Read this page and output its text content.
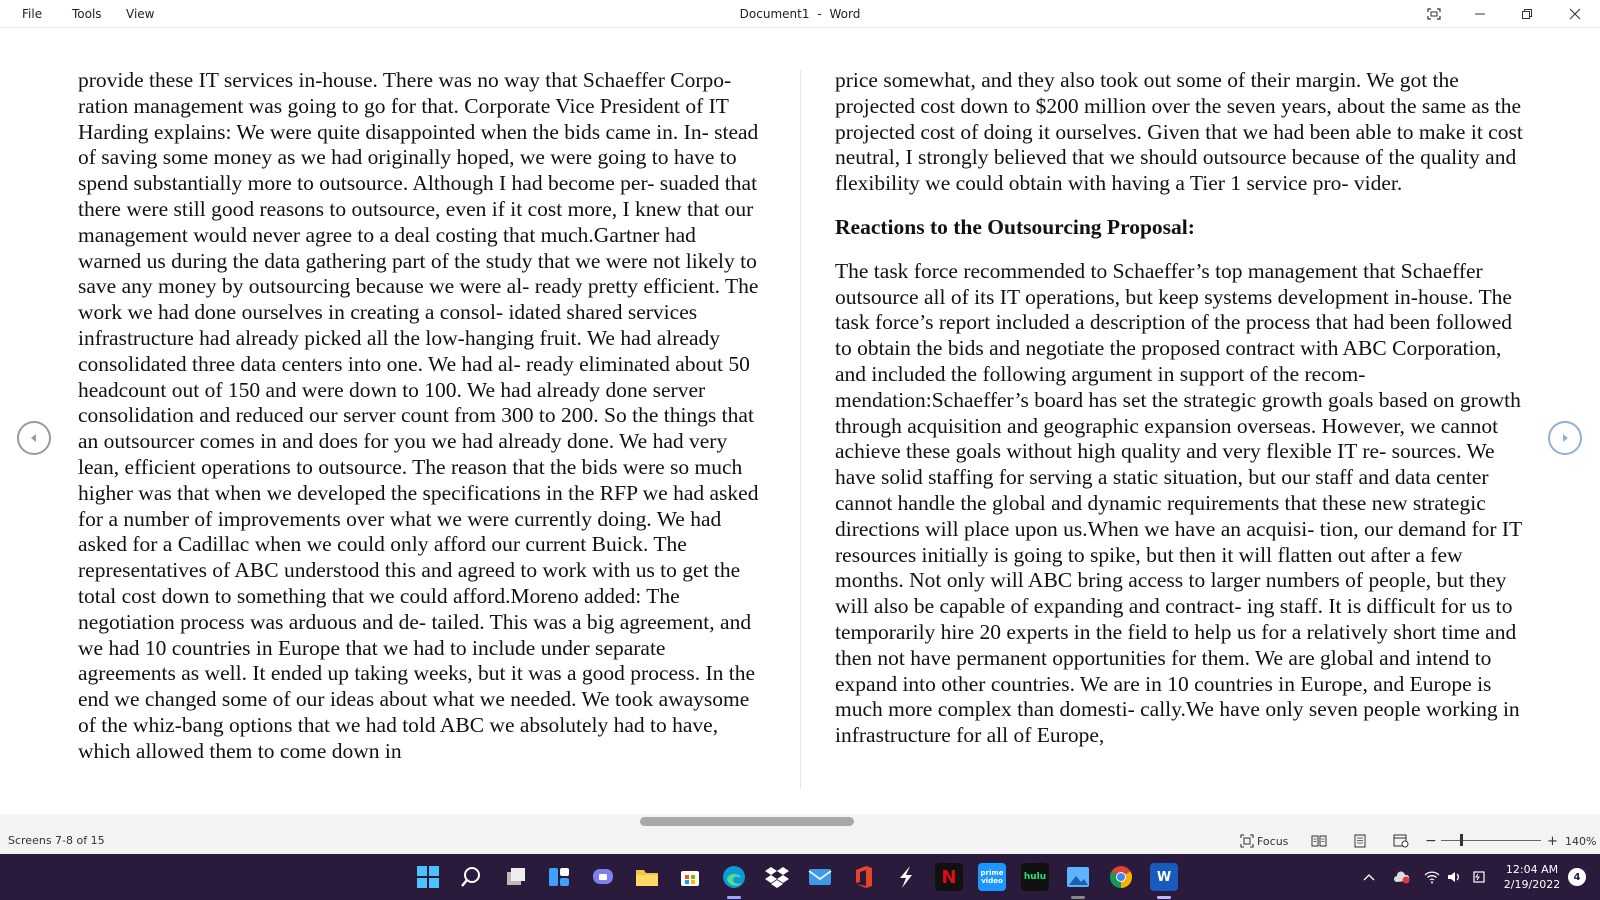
File Tools View	Document1 - Word

provide these IT services in-house. There was no way that Schaeffer Corpo- ration management was going to go for that. Corporate Vice President of IT Harding explains: We were quite disappointed when the bids came in. In- stead of saving some money as we had originally hoped, we were going to have to spend substantially more to outsource. Although I had become per- suaded that there were still good reasons to outsource, even if it cost more, I knew that our management would never agree to a deal costing that much.Gartner had warned us during the data gathering part of the study that we were not likely to save any money by outsourcing because we were al- ready pretty efficient. The work we had done ourselves in creating a consol- idated shared services infrastructure had already picked all the low-hanging fruit. We had already consolidated three data centers into one. We had al- ready eliminated about 50 headcount out of 150 and were down to 100. We had already done server consolidation and reduced our server count from 300 to 200. So the things that an outsourcer comes in and does for you we had already done. We had very lean, efficient operations to outsource. The reason that the bids were so much higher was that when we developed the specifications in the RFP we had asked for a number of improvements over what we were currently doing. We had asked for a Cadillac when we could only afford our current Buick. The representatives of ABC understood this and agreed to work with us to get the total cost down to something that we could afford.Moreno added: The negotiation process was arduous and de- tailed. This was a big agreement, and we had 10 countries in Europe that we had to include under separate agreements as well. It ended up taking weeks, but it was a good process. In the end we changed some of our ideas about what we needed. We took awaysome of the whiz-bang options that we had told ABC we absolutely had to have, which allowed them to come down in

price somewhat, and they also took out some of their margin. We got the projected cost down to $200 million over the seven years, about the same as the projected cost of doing it ourselves. Given that we had been able to make it cost neutral, I strongly believed that we should outsource because of the quality and flexibility we could obtain with having a Tier 1 service pro- vider.

Reactions to the Outsourcing Proposal:

The task force recommended to Schaeffer’s top management that Schaeffer outsource all of its IT operations, but keep systems development in-house. The task force’s report included a description of the process that had been followed to obtain the bids and negotiate the proposed contract with ABC Corporation, and included the following argument in support of the recom- mendation:Schaeffer’s board has set the strategic growth goals based on growth through acquisition and geographic expansion overseas. However, we cannot achieve these goals without high quality and very flexible IT re- sources. We have solid staffing for serving a static situation, but our staff and data center cannot handle the global and dynamic requirements that these new strategic directions will place upon us.When we have an acquisi- tion, our demand for IT resources initially is going to spike, but then it will flatten out after a few months. Not only will ABC bring access to larger numbers of people, but they will also be capable of expanding and contract- ing staff. It is difficult for us to temporarily hire 20 experts in the field to help us for a relatively short time and then not have permanent opportunities for them. We are global and intend to expand into other countries. We are in 10 countries in Europe, and Europe is much more complex than domesti- cally.We have only seven people working in infrastructure for all of Europe,

Screens 7-8 of 15	Focus	−	+ 140%
N	prime video	hulu	W	12:04 AM
2/19/2022
4
